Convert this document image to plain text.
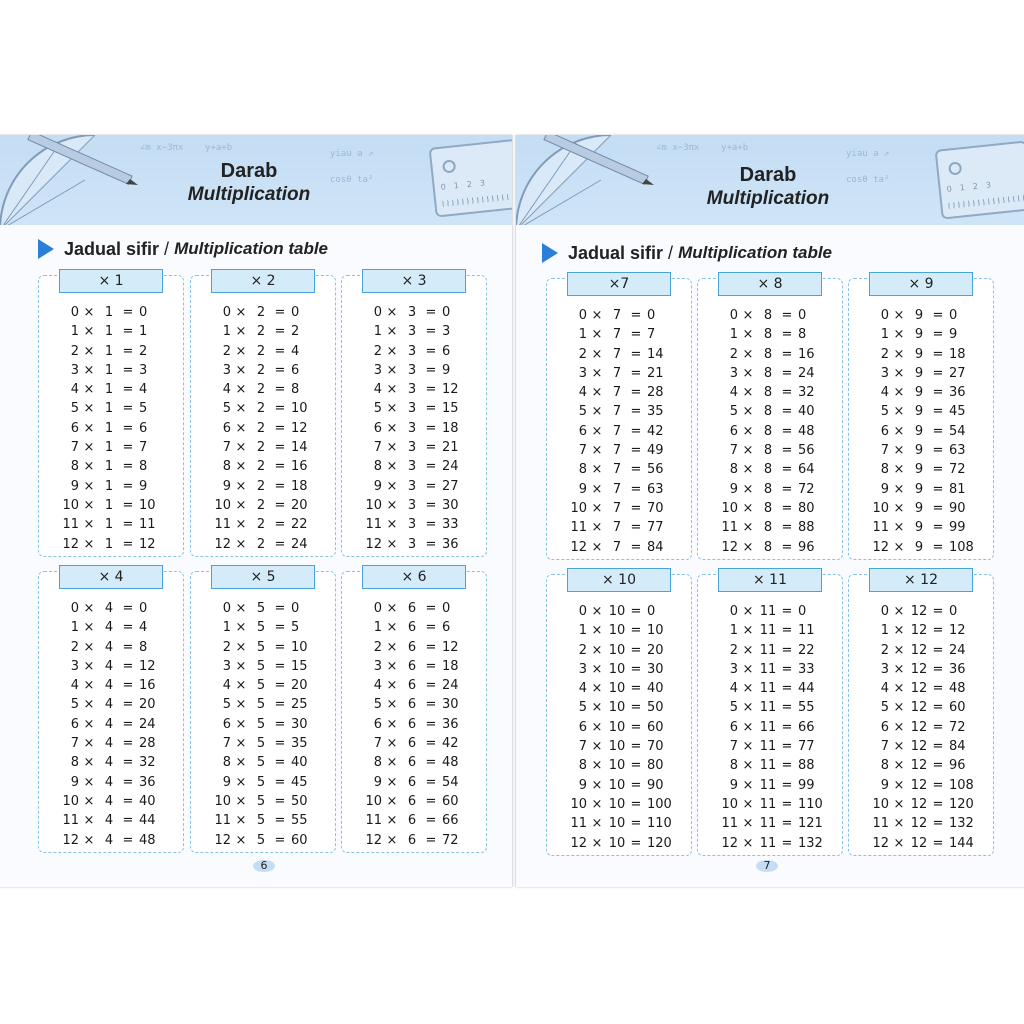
∠m x−3πx    y+a+b
yiau a ↗
cosθ ta²
Darab
Multiplication	0123
Jadual sifir / Multiplication table
6
∠m x−3πx    y+a+b
yiau a ↗
cosθ ta²
Darab
Multiplication
0123
Jadual sifir / Multiplication table
7
× 1
0 × 1 = 0
1 × 1 = 1
2 × 1 = 2
3 × 1 = 3
4 × 1 = 4
5 × 1 = 5
6 × 1 = 6
7 × 1 = 7
8 × 1 = 8
9 × 1 = 9
10 × 1 = 10
11 × 1 = 11
12 × 1 = 12
× 2
0 × 2 = 0
1 × 2 = 2
2 × 2 = 4
3 × 2 = 6
4 × 2 = 8
5 × 2 = 10
6 × 2 = 12
7 × 2 = 14
8 × 2 = 16
9 × 2 = 18
10 × 2 = 20
11 × 2 = 22
12 × 2 = 24
× 3
0 × 3 = 0
1 × 3 = 3
2 × 3 = 6
3 × 3 = 9
4 × 3 = 12
5 × 3 = 15
6 × 3 = 18
7 × 3 = 21
8 × 3 = 24
9 × 3 = 27
10 × 3 = 30
11 × 3 = 33
12 × 3 = 36
× 4
0 × 4 = 0
1 × 4 = 4
2 × 4 = 8
3 × 4 = 12
4 × 4 = 16
5 × 4 = 20
6 × 4 = 24
7 × 4 = 28
8 × 4 = 32
9 × 4 = 36
10 × 4 = 40
11 × 4 = 44
12 × 4 = 48
× 5
0 × 5 = 0
1 × 5 = 5
2 × 5 = 10
3 × 5 = 15
4 × 5 = 20
5 × 5 = 25
6 × 5 = 30
7 × 5 = 35
8 × 5 = 40
9 × 5 = 45
10 × 5 = 50
11 × 5 = 55
12 × 5 = 60
× 6
0 × 6 = 0
1 × 6 = 6
2 × 6 = 12
3 × 6 = 18
4 × 6 = 24
5 × 6 = 30
6 × 6 = 36
7 × 6 = 42
8 × 6 = 48
9 × 6 = 54
10 × 6 = 60
11 × 6 = 66
12 × 6 = 72
×7
0 × 7 = 0
1 × 7 = 7
2 × 7 = 14
3 × 7 = 21
4 × 7 = 28
5 × 7 = 35
6 × 7 = 42
7 × 7 = 49
8 × 7 = 56
9 × 7 = 63
10 × 7 = 70
11 × 7 = 77
12 × 7 = 84
× 8
0 × 8 = 0
1 × 8 = 8
2 × 8 = 16
3 × 8 = 24
4 × 8 = 32
5 × 8 = 40
6 × 8 = 48
7 × 8 = 56
8 × 8 = 64
9 × 8 = 72
10 × 8 = 80
11 × 8 = 88
12 × 8 = 96
× 9
0 × 9 = 0
1 × 9 = 9
2 × 9 = 18
3 × 9 = 27
4 × 9 = 36
5 × 9 = 45
6 × 9 = 54
7 × 9 = 63
8 × 9 = 72
9 × 9 = 81
10 × 9 = 90
11 × 9 = 99
12 × 9 = 108
× 10
0 × 10 = 0
1 × 10 = 10
2 × 10 = 20
3 × 10 = 30
4 × 10 = 40
5 × 10 = 50
6 × 10 = 60
7 × 10 = 70
8 × 10 = 80
9 × 10 = 90
10 × 10 = 100
11 × 10 = 110
12 × 10 = 120
× 11
0 × 11 = 0
1 × 11 = 11
2 × 11 = 22
3 × 11 = 33
4 × 11 = 44
5 × 11 = 55
6 × 11 = 66
7 × 11 = 77
8 × 11 = 88
9 × 11 = 99
10 × 11 = 110
11 × 11 = 121
12 × 11 = 132
× 12
0 × 12 = 0
1 × 12 = 12
2 × 12 = 24
3 × 12 = 36
4 × 12 = 48
5 × 12 = 60
6 × 12 = 72
7 × 12 = 84
8 × 12 = 96
9 × 12 = 108
10 × 12 = 120
11 × 12 = 132
12 × 12 = 144
